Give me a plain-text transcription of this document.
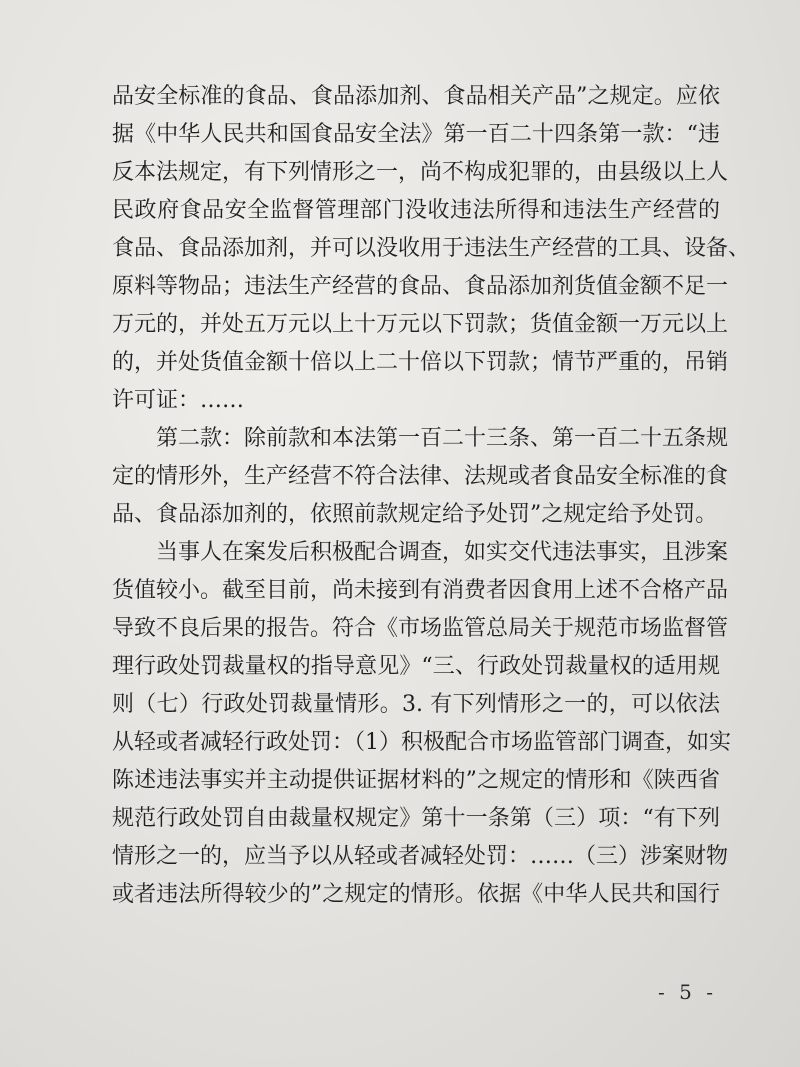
品安全标准的食品、食品添加剂、食品相关产品”之规定。应依
据《中华人民共和国食品安全法》第一百二十四条第一款：“违
反本法规定，有下列情形之一，尚不构成犯罪的，由县级以上人
民政府食品安全监督管理部门没收违法所得和违法生产经营的
食品、食品添加剂，并可以没收用于违法生产经营的工具、设备、
原料等物品；违法生产经营的食品、食品添加剂货值金额不足一
万元的，并处五万元以上十万元以下罚款；货值金额一万元以上
的，并处货值金额十倍以上二十倍以下罚款；情节严重的，吊销
许可证：……
　　第二款：除前款和本法第一百二十三条、第一百二十五条规
定的情形外，生产经营不符合法律、法规或者食品安全标准的食
品、食品添加剂的，依照前款规定给予处罚”之规定给予处罚。
　　当事人在案发后积极配合调查，如实交代违法事实，且涉案
货值较小。截至目前，尚未接到有消费者因食用上述不合格产品
导致不良后果的报告。符合《市场监管总局关于规范市场监督管
理行政处罚裁量权的指导意见》“三、行政处罚裁量权的适用规
则（七）行政处罚裁量情形。3. 有下列情形之一的，可以依法
从轻或者减轻行政处罚：（1）积极配合市场监管部门调查，如实
陈述违法事实并主动提供证据材料的”之规定的情形和《陕西省
规范行政处罚自由裁量权规定》第十一条第（三）项：“有下列
情形之一的，应当予以从轻或者减轻处罚：……（三）涉案财物
或者违法所得较少的”之规定的情形。依据《中华人民共和国行
- 5 -
